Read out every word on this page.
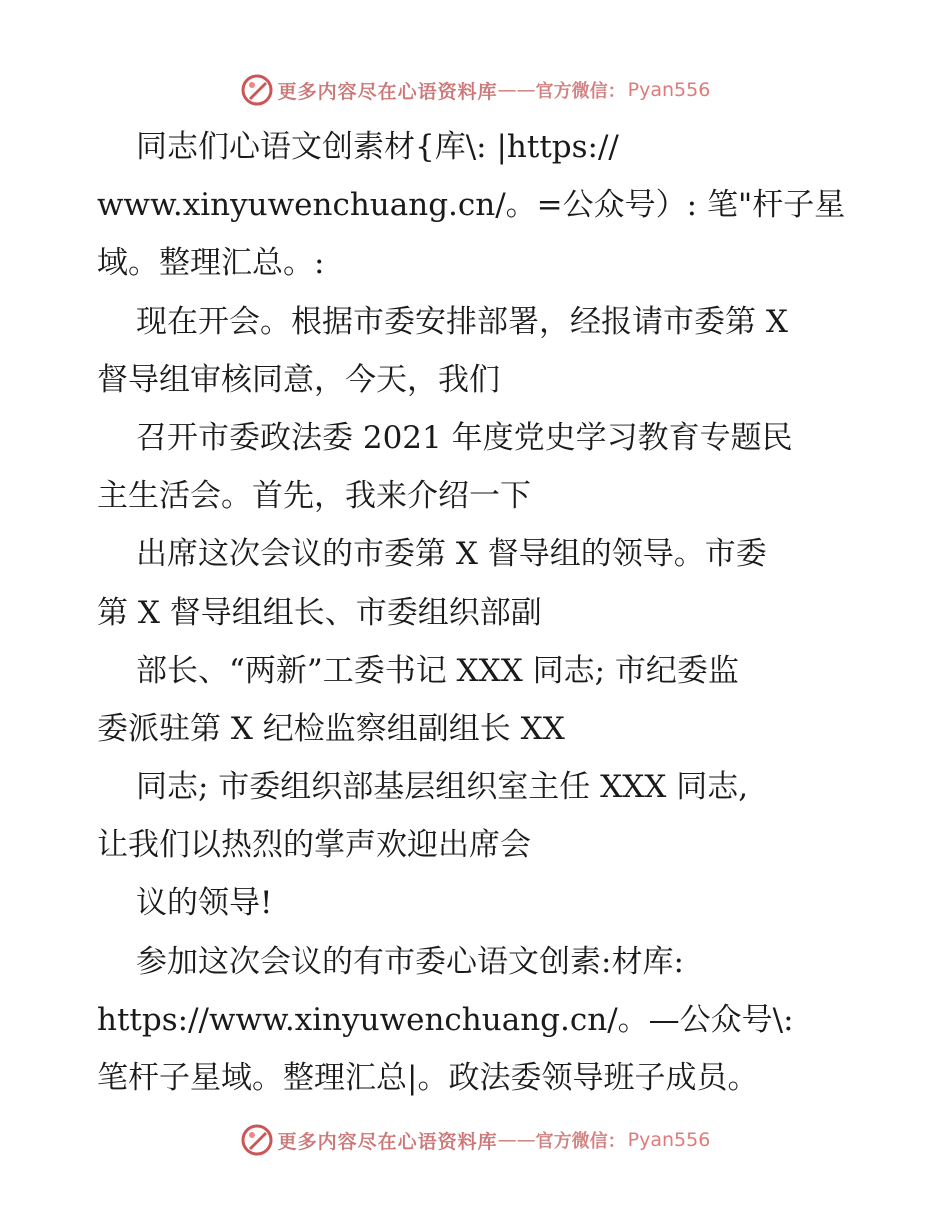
更多内容尽在心语资料库 —— 官方微信： Pyan556
同志们心语文创素材{库\: |https://
www.xinyuwenchuang.cn/。=公众号）: 笔"杆子星
域。整理汇总。:
现在开会。根据市委安排部署，经报请市委第 X
督导组审核同意，今天，我们
召开市委政法委 2021 年度党史学习教育专题民
主生活会。首先，我来介绍一下
出席这次会议的市委第 X 督导组的领导。市委
第 X 督导组组长、市委组织部副
部长、“两新”工委书记 XXX 同志; 市纪委监
委派驻第 X 纪检监察组副组长 XX
同志; 市委组织部基层组织室主任 XXX 同志,
让我们以热烈的掌声欢迎出席会
议的领导!
参加这次会议的有市委心语文创素:材库:
https://www.xinyuwenchuang.cn/。—公众号\:
笔杆子星域。整理汇总|。政法委领导班子成员。
更多内容尽在心语资料库 —— 官方微信： Pyan556
